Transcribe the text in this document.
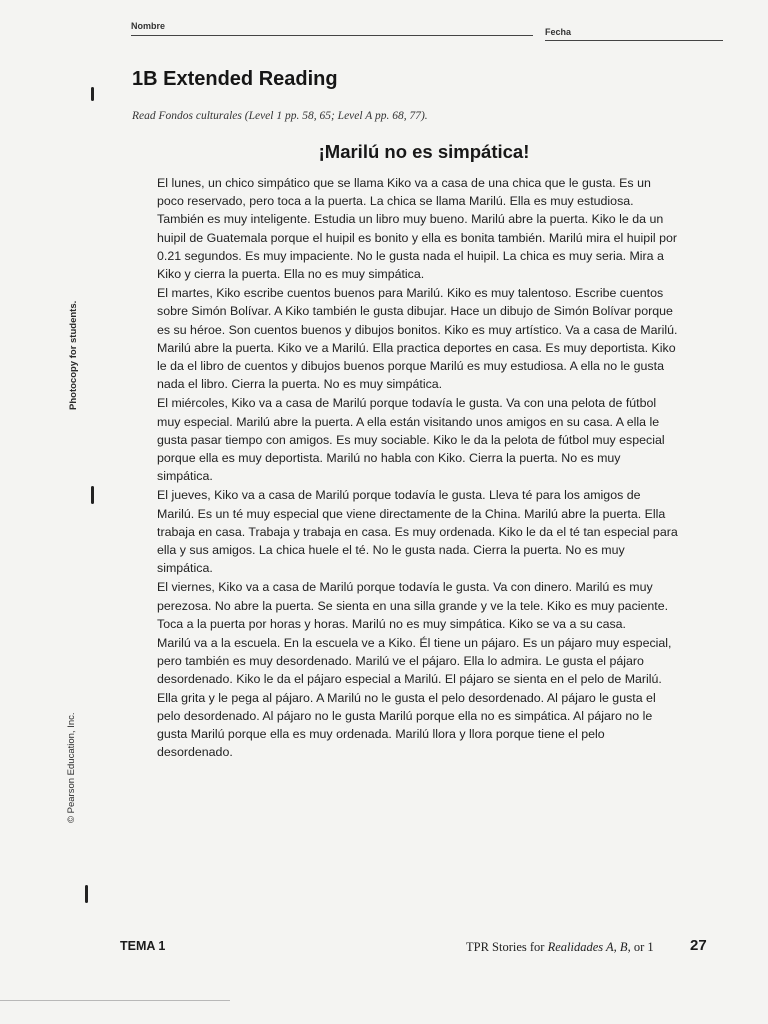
Nombre
Fecha
1B Extended Reading
Read Fondos culturales (Level 1 pp. 58, 65; Level A pp. 68, 77).
¡Marilú no es simpática!

El lunes, un chico simpático que se llama Kiko va a casa de una chica que le gusta. Es un poco reservado, pero toca a la puerta. La chica se llama Marilú. Ella es muy estudiosa. También es muy inteligente. Estudia un libro muy bueno. Marilú abre la puerta. Kiko le da un huipil de Guatemala porque el huipil es bonito y ella es bonita también. Marilú mira el huipil por 0.21 segundos. Es muy impaciente. No le gusta nada el huipil. La chica es muy seria. Mira a Kiko y cierra la puerta. Ella no es muy simpática.

El martes, Kiko escribe cuentos buenos para Marilú. Kiko es muy talentoso. Escribe cuentos sobre Simón Bolívar. A Kiko también le gusta dibujar. Hace un dibujo de Simón Bolívar porque es su héroe. Son cuentos buenos y dibujos bonitos. Kiko es muy artístico. Va a casa de Marilú. Marilú abre la puerta. Kiko ve a Marilú. Ella practica deportes en casa. Es muy deportista. Kiko le da el libro de cuentos y dibujos buenos porque Marilú es muy estudiosa. A ella no le gusta nada el libro. Cierra la puerta. No es muy simpática.

El miércoles, Kiko va a casa de Marilú porque todavía le gusta. Va con una pelota de fútbol muy especial. Marilú abre la puerta. A ella están visitando unos amigos en su casa. A ella le gusta pasar tiempo con amigos. Es muy sociable. Kiko le da la pelota de fútbol muy especial porque ella es muy deportista. Marilú no habla con Kiko. Cierra la puerta. No es muy simpática.

El jueves, Kiko va a casa de Marilú porque todavía le gusta. Lleva té para los amigos de Marilú. Es un té muy especial que viene directamente de la China. Marilú abre la puerta. Ella trabaja en casa. Trabaja y trabaja en casa. Es muy ordenada. Kiko le da el té tan especial para ella y sus amigos. La chica huele el té. No le gusta nada. Cierra la puerta. No es muy simpática.

El viernes, Kiko va a casa de Marilú porque todavía le gusta. Va con dinero. Marilú es muy perezosa. No abre la puerta. Se sienta en una silla grande y ve la tele. Kiko es muy paciente. Toca a la puerta por horas y horas. Marilú no es muy simpática. Kiko se va a su casa.

Marilú va a la escuela. En la escuela ve a Kiko. Él tiene un pájaro. Es un pájaro muy especial, pero también es muy desordenado. Marilú ve el pájaro. Ella lo admira. Le gusta el pájaro desordenado. Kiko le da el pájaro especial a Marilú. El pájaro se sienta en el pelo de Marilú. Ella grita y le pega al pájaro. A Marilú no le gusta el pelo desordenado. Al pájaro le gusta el pelo desordenado. Al pájaro no le gusta Marilú porque ella no es simpática. Al pájaro no le gusta Marilú porque ella es muy ordenada. Marilú llora y llora porque tiene el pelo desordenado.

Photocopy for students.
© Pearson Education, Inc.
TEMA 1	TPR Stories for Realidades A, B, or 1 27
